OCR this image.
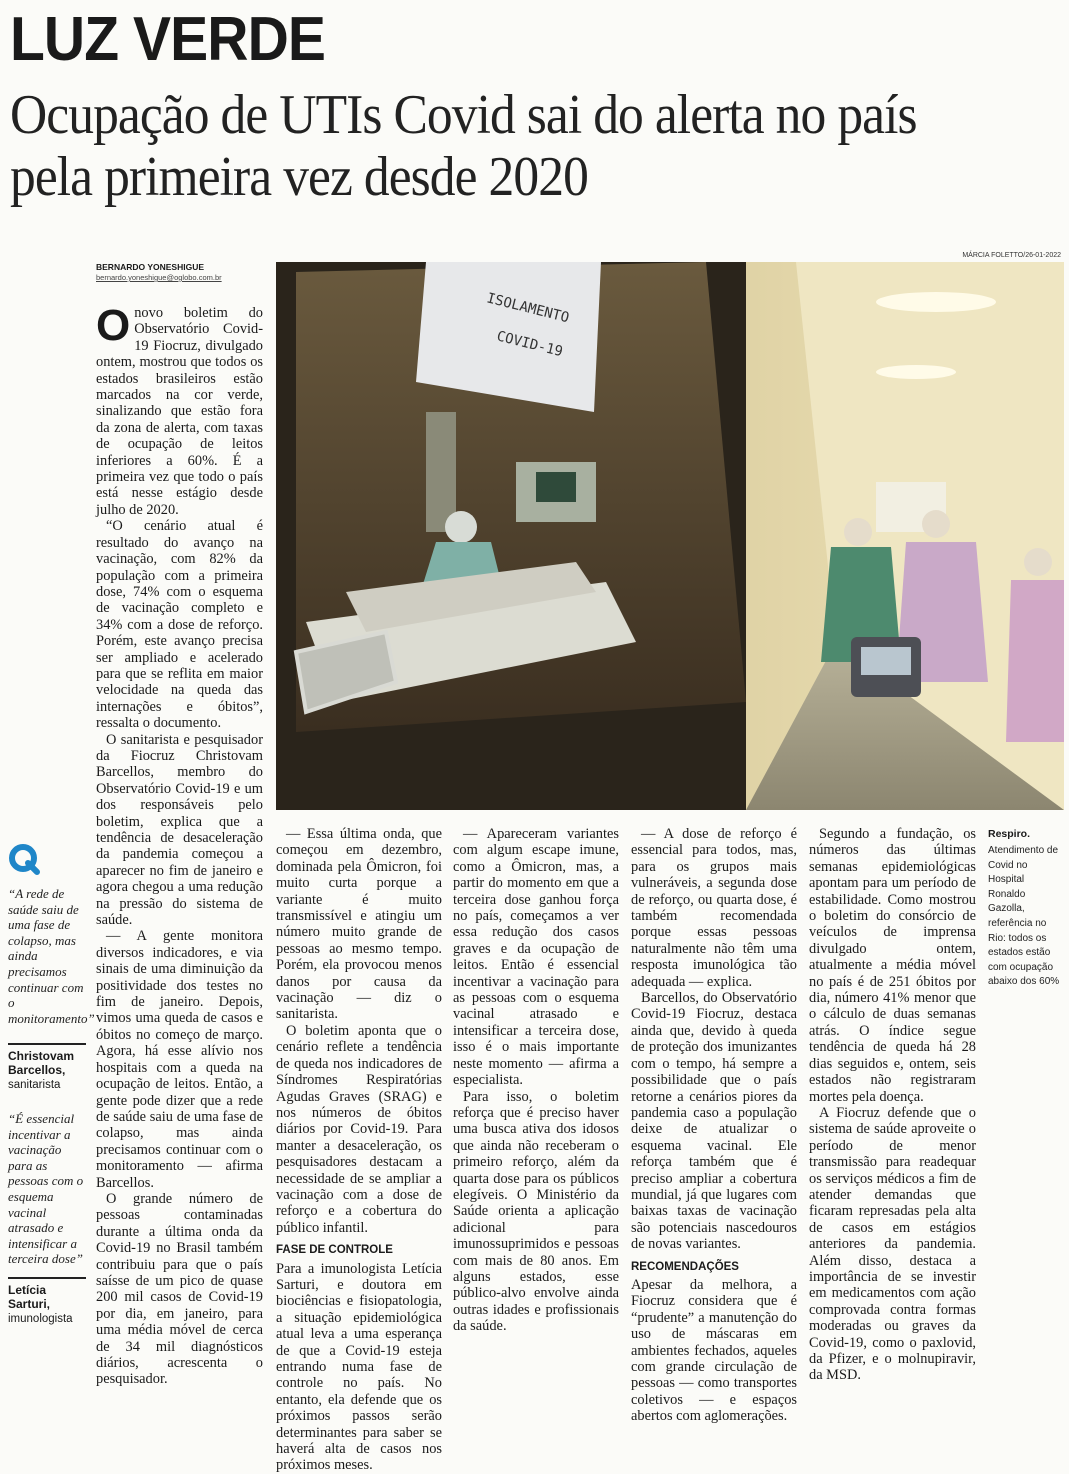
LUZ VERDE
Ocupação de UTIs Covid sai do alerta no país pela primeira vez desde 2020
MÁRCIA FOLETTO/26-01-2022
ISOLAMENTO
COVID-19
Respiro.
Atendimento de Covid no Hospital Ronaldo Gazolla, referência no Rio: todos os estados estão com ocupação abaixo dos 60%
BERNARDO YONESHIGUE
bernardo.yoneshigue@oglobo.com.br

Onovo boletim do Observatório Covid-19 Fiocruz, divulgado ontem, mostrou que todos os estados brasileiros estão marcados na cor verde, sinalizando que estão fora da zona de alerta, com taxas de ocupação de leitos inferiores a 60%. É a primeira vez que todo o país está nesse estágio desde julho de 2020.

“O cenário atual é resultado do avanço na vacinação, com 82% da população com a primeira dose, 74% com o esquema de vacinação completo e 34% com a dose de reforço. Porém, este avanço precisa ser ampliado e acelerado para que se reflita em maior velocidade na queda das internações e óbitos”, ressalta o documento.

O sanitarista e pesquisador da Fiocruz Christovam Barcellos, membro do Observatório Covid-19 e um dos responsáveis pelo boletim, explica que a tendência de desaceleração da pandemia começou a aparecer no fim de janeiro e agora chegou a uma redução na pressão do sistema de saúde.

— A gente monitora diversos indicadores, e via sinais de uma diminuição da positividade dos testes no fim de janeiro. Depois, vimos uma queda de casos e óbitos no começo de março. Agora, há esse alívio nos hospitais com a queda na ocupação de leitos. Então, a gente pode dizer que a rede de saúde saiu de uma fase de colapso, mas ainda precisamos continuar com o monitoramento — afirma Barcellos.

O grande número de pessoas contaminadas durante a última onda da Covid-19 no Brasil também contribuiu para que o país saísse de um pico de quase 200 mil casos de Covid-19 por dia, em janeiro, para uma média móvel de cerca de 34 mil diagnósticos diários, acrescenta o pesquisador.

— Essa última onda, que começou em dezembro, dominada pela Ômicron, foi muito curta porque a variante é muito transmissível e atingiu um número muito grande de pessoas ao mesmo tempo. Porém, ela provocou menos danos por causa da vacinação — diz o sanitarista.

O boletim aponta que o cenário reflete a tendência de queda nos indicadores de Síndromes Respiratórias Agudas Graves (SRAG) e nos números de óbitos diários por Covid-19. Para manter a desaceleração, os pesquisadores destacam a necessidade de se ampliar a vacinação com a dose de reforço e a cobertura do público infantil.

FASE DE CONTROLE

Para a imunologista Letícia Sarturi, e doutora em biociências e fisiopatologia, a situação epidemiológica atual leva a uma esperança de que a Covid-19 esteja entrando numa fase de controle no país. No entanto, ela defende que os próximos passos serão determinantes para saber se haverá alta de casos nos próximos meses.

— Apareceram variantes com algum escape imune, como a Ômicron, mas, a partir do momento em que a terceira dose ganhou força no país, começamos a ver essa redução dos casos graves e da ocupação de leitos. Então é essencial incentivar a vacinação para as pessoas com o esquema vacinal atrasado e intensificar a terceira dose, isso é o mais importante neste momento — afirma a especialista.

Para isso, o boletim reforça que é preciso haver uma busca ativa dos idosos que ainda não receberam o primeiro reforço, além da quarta dose para os públicos elegíveis. O Ministério da Saúde orienta a aplicação adicional para imunossuprimidos e pessoas com mais de 80 anos. Em alguns estados, esse público-alvo envolve ainda outras idades e profissionais da saúde.

— A dose de reforço é essencial para todos, mas, para os grupos mais vulneráveis, a segunda dose de reforço, ou quarta dose, é também recomendada porque essas pessoas naturalmente não têm uma resposta imunológica tão adequada — explica.

Barcellos, do Observatório Covid-19 Fiocruz, destaca ainda que, devido à queda de proteção dos imunizantes com o tempo, há sempre a possibilidade que o país retorne a cenários piores da pandemia caso a população deixe de atualizar o esquema vacinal. Ele reforça também que é preciso ampliar a cobertura mundial, já que lugares com baixas taxas de vacinação são potenciais nascedouros de novas variantes.

RECOMENDAÇÕES

Apesar da melhora, a Fiocruz considera que é “prudente” a manutenção do uso de máscaras em ambientes fechados, aqueles com grande circulação de pessoas — como transportes coletivos — e espaços abertos com aglomerações.

Segundo a fundação, os números das últimas semanas epidemiológicas apontam para um período de estabilidade. Como mostrou o boletim do consórcio de veículos de imprensa divulgado ontem, atualmente a média móvel no país é de 251 óbitos por dia, número 41% menor que o cálculo de duas semanas atrás. O índice segue tendência de queda há 28 dias seguidos e, ontem, seis estados não registraram mortes pela doença.

A Fiocruz defende que o sistema de saúde aproveite o período de menor transmissão para readequar os serviços médicos a fim de atender demandas que ficaram represadas pela alta de casos em estágios anteriores da pandemia. Além disso, destaca a importância de se investir em medicamentos com ação comprovada contra formas moderadas ou graves da Covid-19, como o paxlovid, da Pfizer, e o molnupiravir, da MSD.

“A rede de saúde saiu de uma fase de colapso, mas ainda precisamos continuar com o monitoramento”
Christovam Barcellos,
sanitarista
“É essencial incentivar a vacinação para as pessoas com o esquema vacinal atrasado e intensificar a terceira dose”
Letícia Sarturi,
imunologista
